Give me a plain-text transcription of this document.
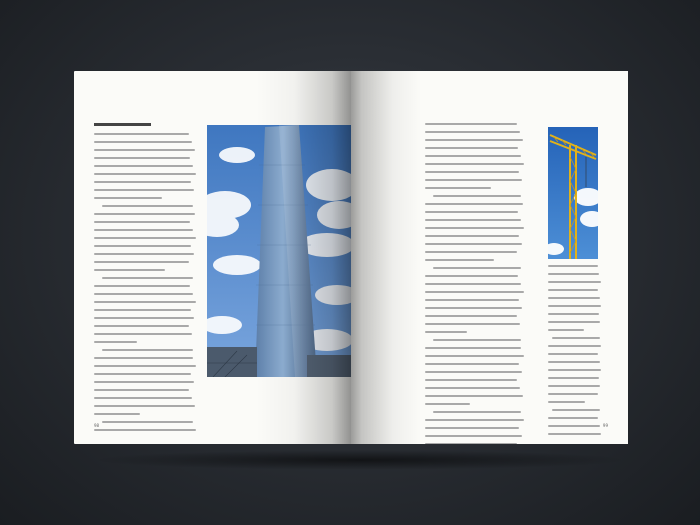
98	99
